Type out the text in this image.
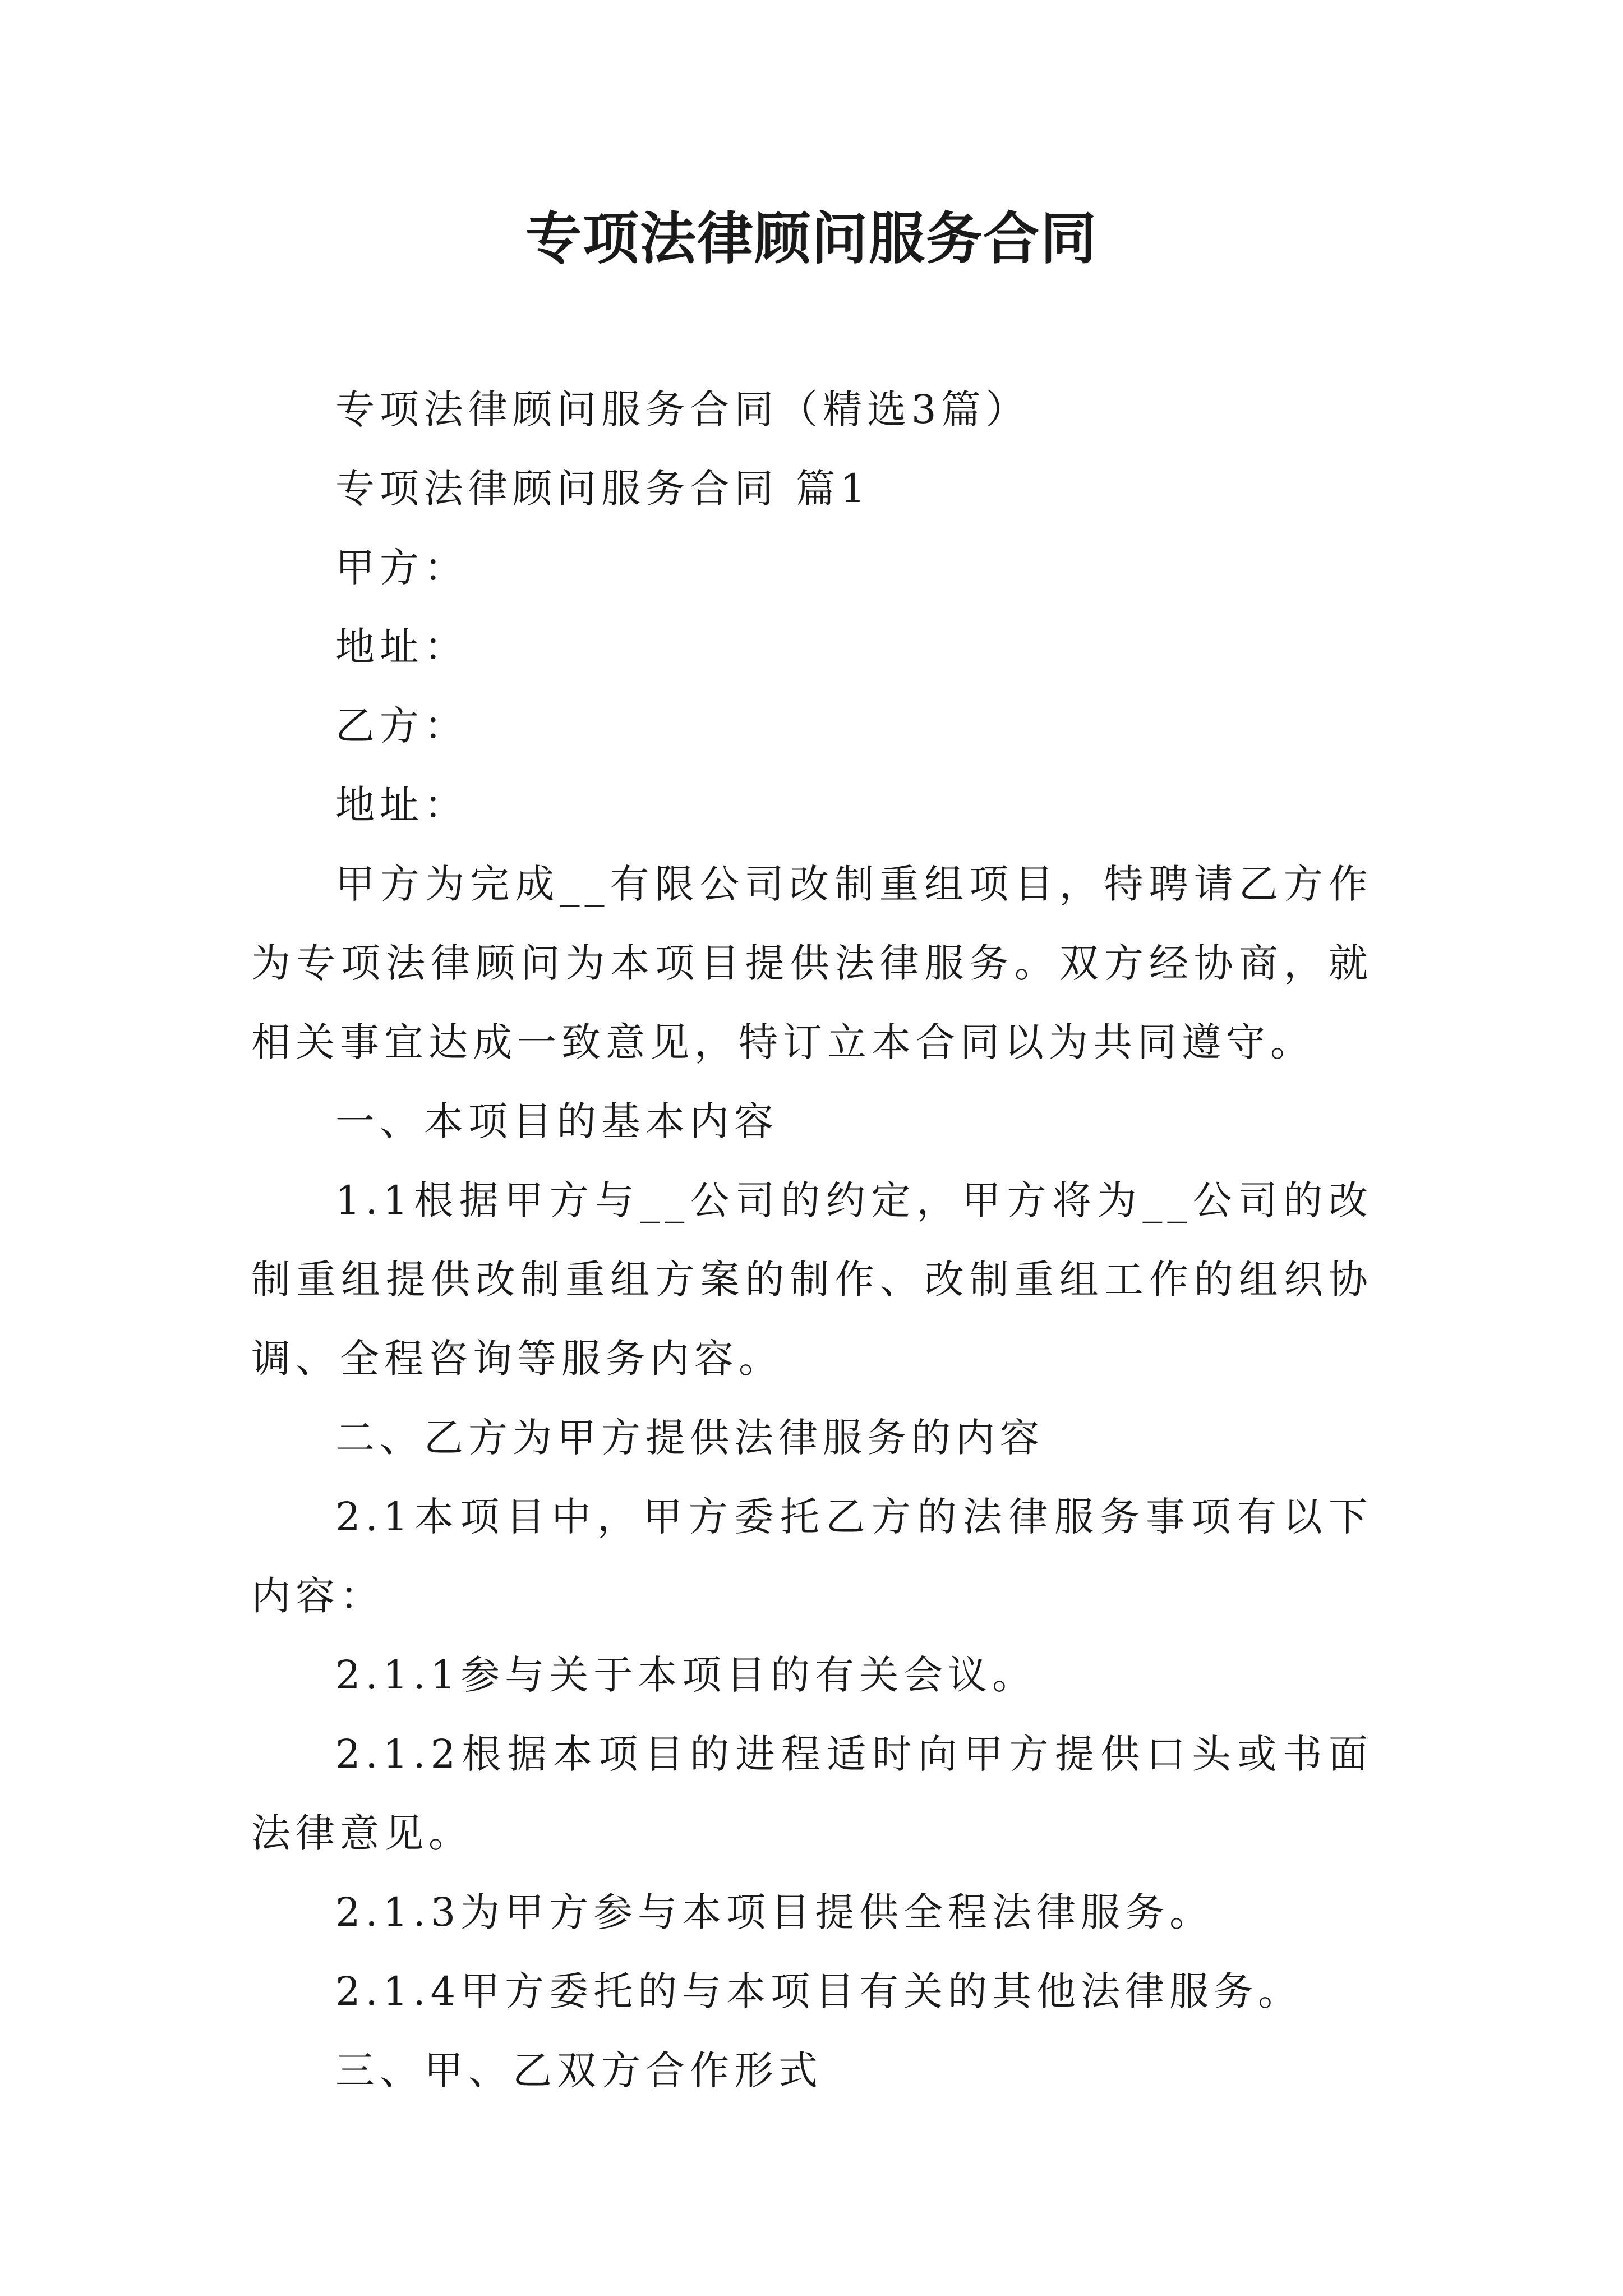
专项法律顾问服务合同

专项法律顾问服务合同（精选3篇）

专项法律顾问服务合同 篇1

甲方：

地址：

乙方：

地址：

甲方为完成__有限公司改制重组项目，特聘请乙方作为专项法律顾问为本项目提供法律服务。双方经协商，就相关事宜达成一致意见，特订立本合同以为共同遵守。

一、本项目的基本内容

1.1根据甲方与__公司的约定，甲方将为__公司的改制重组提供改制重组方案的制作、改制重组工作的组织协调、全程咨询等服务内容。

二、乙方为甲方提供法律服务的内容

2.1本项目中，甲方委托乙方的法律服务事项有以下内容：

2.1.1参与关于本项目的有关会议。

2.1.2根据本项目的进程适时向甲方提供口头或书面法律意见。

2.1.3为甲方参与本项目提供全程法律服务。

2.1.4甲方委托的与本项目有关的其他法律服务。

三、甲、乙双方合作形式
